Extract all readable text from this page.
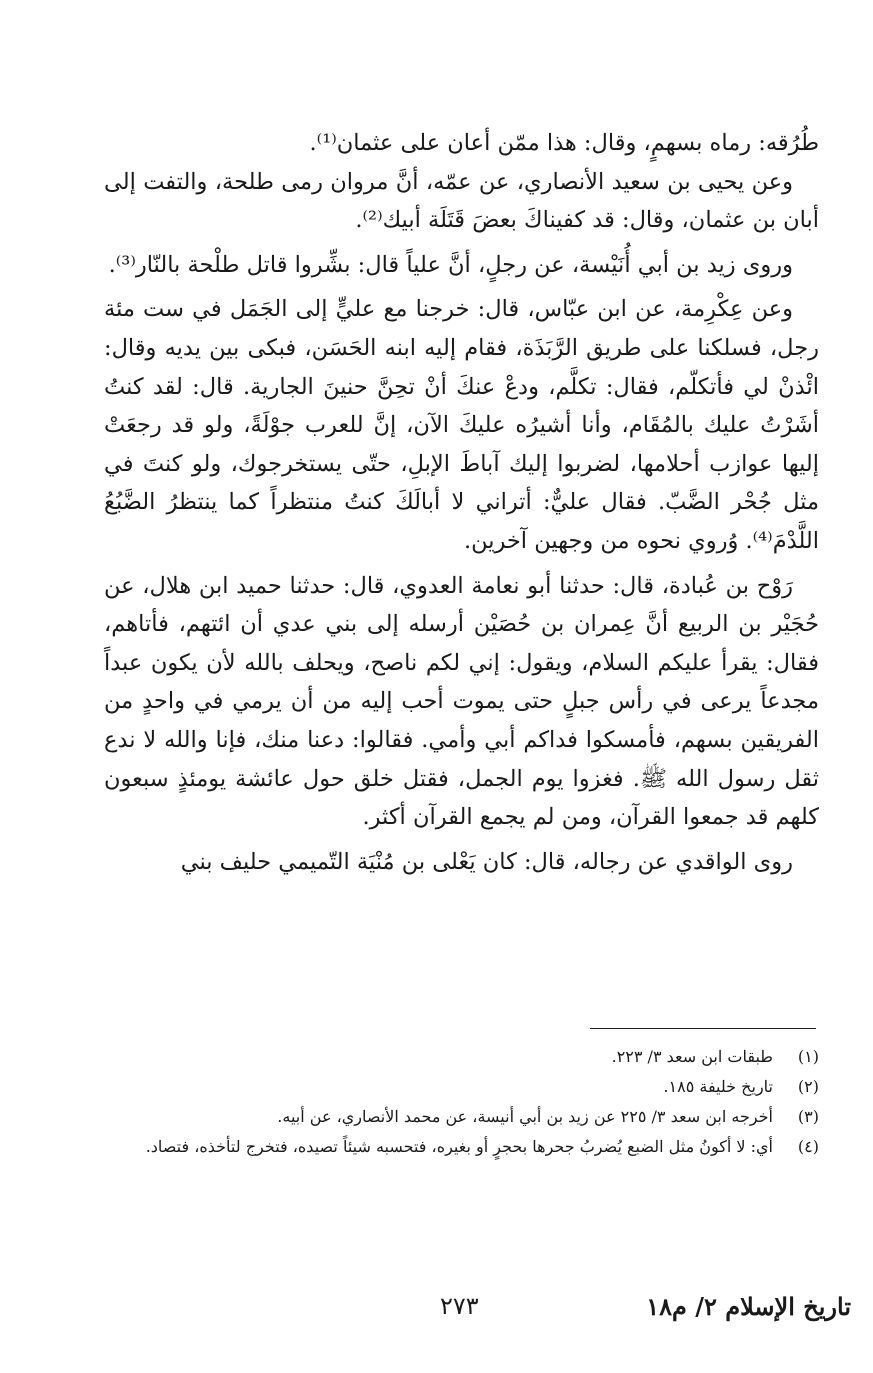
طُرُقه: رماه بسهمٍ، وقال: هذا ممّن أعان على عثمان⁽¹⁾.

وعن يحيى بن سعيد الأنصاري، عن عمّه، أنَّ مروان رمى طلحة، والتفت إلى أبان بن عثمان، وقال: قد كفيناكَ بعضَ قَتَلَة أبيك⁽²⁾.

وروى زيد بن أبي أُنَيْسة، عن رجلٍ، أنَّ علياً قال: بشِّروا قاتل طلْحة بالنّار⁽³⁾.

وعن عِكْرِمة، عن ابن عبّاس، قال: خرجنا مع عليٍّ إلى الجَمَل في ست مئة رجل، فسلكنا على طريق الرَّبَذَة، فقام إليه ابنه الحَسَن، فبكى بين يديه وقال: ائْذنْ لي فأتكلّم، فقال: تكلَّم، ودعْ عنكَ أنْ تحِنَّ حنينَ الجارية. قال: لقد كنتُ أشَرْتُ عليك بالمُقَام، وأنا أشيرُه عليكَ الآن، إنَّ للعرب جوْلَةً، ولو قد رجعَتْ إليها عوازب أحلامها، لضربوا إليك آباطَ الإبلِ، حتّى يستخرجوك، ولو كنتَ في مثل جُحْر الضَّبّ. فقال عليٌّ: أتراني لا أبالَكَ كنتُ منتظراً كما ينتظرُ الضَّبُعُ اللَّدْمَ⁽⁴⁾. وُروي نحوه من وجهين آخرين.

رَوْح بن عُبادة، قال: حدثنا أبو نعامة العدوي، قال: حدثنا حميد ابن هلال، عن حُجَيْر بن الربيع أنَّ عِمران بن حُصَيْن أرسله إلى بني عدي أن ائتهم، فأتاهم، فقال: يقرأ عليكم السلام، ويقول: إني لكم ناصح، ويحلف بالله لأن يكون عبداً مجدعاً يرعى في رأس جبلٍ حتى يموت أحب إليه من أن يرمي في واحدٍ من الفريقين بسهم، فأمسكوا فداكم أبي وأمي. فقالوا: دعنا منك، فإنا والله لا ندع ثقل رسول الله ﷺ. فغزوا يوم الجمل، فقتل خلق حول عائشة يومئذٍ سبعون كلهم قد جمعوا القرآن، ومن لم يجمع القرآن أكثر.

روى الواقدي عن رجاله، قال: كان يَعْلى بن مُنْيَة التّميمي حليف بني

(١)
طبقات ابن سعد ٣/ ٢٢٣.
(٢)
تاريخ خليفة ١٨٥.
(٣)
أخرجه ابن سعد ٣/ ٢٢٥ عن زيد بن أبي أنيسة، عن محمد الأنصاري، عن أبيه.
(٤)
أي: لا أكونُ مثل الضبع يُضربُ جحرها بحجرٍ أو بغيره، فتحسبه شيئاً تصيده، فتخرج لتأخذه، فتصاد.
تاريخ الإسلام ٢/ م١٨
٢٧٣
